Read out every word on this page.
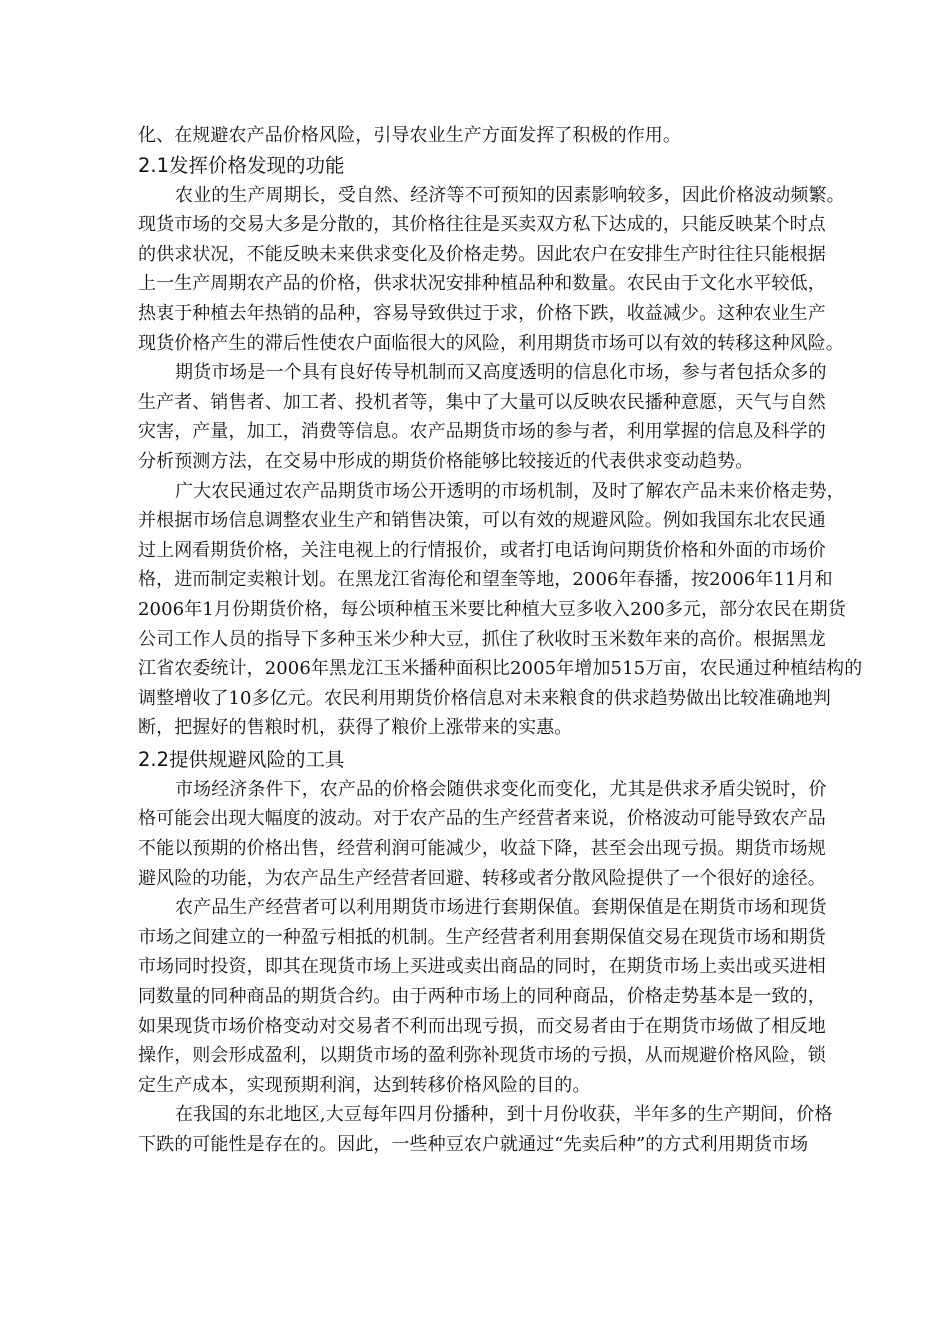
化、在规避农产品价格风险，引导农业生产方面发挥了积极的作用。
2.1发挥价格发现的功能
农业的生产周期长，受自然、经济等不可预知的因素影响较多，因此价格波动频繁。
现货市场的交易大多是分散的，其价格往往是买卖双方私下达成的，只能反映某个时点
的供求状况，不能反映未来供求变化及价格走势。因此农户在安排生产时往往只能根据
上一生产周期农产品的价格，供求状况安排种植品种和数量。农民由于文化水平较低，
热衷于种植去年热销的品种，容易导致供过于求，价格下跌，收益减少。这种农业生产
现货价格产生的滞后性使农户面临很大的风险，利用期货市场可以有效的转移这种风险。
期货市场是一个具有良好传导机制而又高度透明的信息化市场，参与者包括众多的
生产者、销售者、加工者、投机者等，集中了大量可以反映农民播种意愿，天气与自然
灾害，产量，加工，消费等信息。农产品期货市场的参与者，利用掌握的信息及科学的
分析预测方法，在交易中形成的期货价格能够比较接近的代表供求变动趋势。
广大农民通过农产品期货市场公开透明的市场机制，及时了解农产品未来价格走势，
并根据市场信息调整农业生产和销售决策，可以有效的规避风险。例如我国东北农民通
过上网看期货价格，关注电视上的行情报价，或者打电话询问期货价格和外面的市场价
格，进而制定卖粮计划。在黑龙江省海伦和望奎等地，2006年春播，按2006年11月和
2006年1月份期货价格，每公顷种植玉米要比种植大豆多收入200多元，部分农民在期货
公司工作人员的指导下多种玉米少种大豆，抓住了秋收时玉米数年来的高价。根据黑龙
江省农委统计，2006年黑龙江玉米播种面积比2005年增加515万亩，农民通过种植结构的
调整增收了10多亿元。农民利用期货价格信息对未来粮食的供求趋势做出比较准确地判
断，把握好的售粮时机，获得了粮价上涨带来的实惠。
2.2提供规避风险的工具
市场经济条件下，农产品的价格会随供求变化而变化，尤其是供求矛盾尖锐时，价
格可能会出现大幅度的波动。对于农产品的生产经营者来说，价格波动可能导致农产品
不能以预期的价格出售，经营利润可能减少，收益下降，甚至会出现亏损。期货市场规
避风险的功能，为农产品生产经营者回避、转移或者分散风险提供了一个很好的途径。
农产品生产经营者可以利用期货市场进行套期保值。套期保值是在期货市场和现货
市场之间建立的一种盈亏相抵的机制。生产经营者利用套期保值交易在现货市场和期货
市场同时投资，即其在现货市场上买进或卖出商品的同时，在期货市场上卖出或买进相
同数量的同种商品的期货合约。由于两种市场上的同种商品，价格走势基本是一致的，
如果现货市场价格变动对交易者不利而出现亏损，而交易者由于在期货市场做了相反地
操作，则会形成盈利，以期货市场的盈利弥补现货市场的亏损，从而规避价格风险，锁
定生产成本，实现预期利润，达到转移价格风险的目的。
在我国的东北地区,大豆每年四月份播种，到十月份收获，半年多的生产期间，价格
下跌的可能性是存在的。因此，一些种豆农户就通过“先卖后种”的方式利用期货市场
